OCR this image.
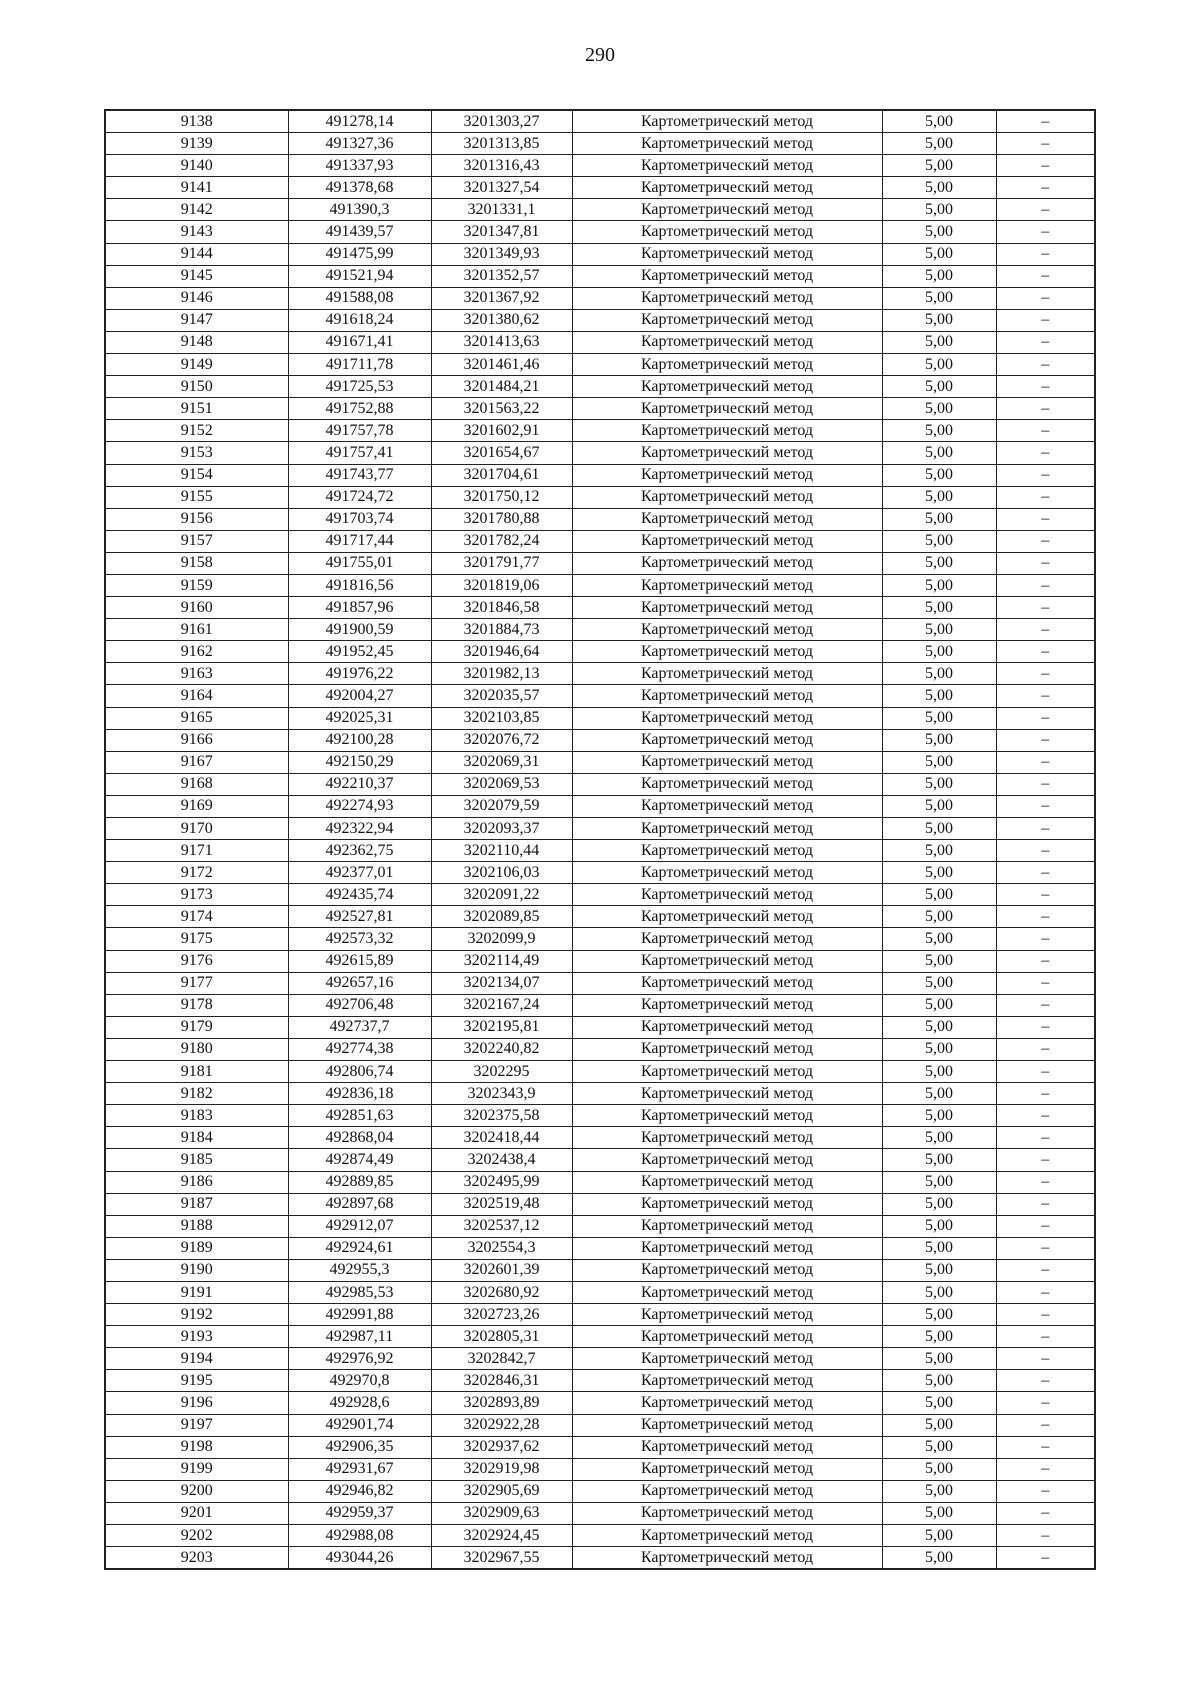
290
9138	491278,14	3201303,27	Картометрический метод	5,00	–
9139	491327,36	3201313,85	Картометрический метод	5,00	–
9140	491337,93	3201316,43	Картометрический метод	5,00	–
9141	491378,68	3201327,54	Картометрический метод	5,00	–
9142	491390,3	3201331,1	Картометрический метод	5,00	–
9143	491439,57	3201347,81	Картометрический метод	5,00	–
9144	491475,99	3201349,93	Картометрический метод	5,00	–
9145	491521,94	3201352,57	Картометрический метод	5,00	–
9146	491588,08	3201367,92	Картометрический метод	5,00	–
9147	491618,24	3201380,62	Картометрический метод	5,00	–
9148	491671,41	3201413,63	Картометрический метод	5,00	–
9149	491711,78	3201461,46	Картометрический метод	5,00	–
9150	491725,53	3201484,21	Картометрический метод	5,00	–
9151	491752,88	3201563,22	Картометрический метод	5,00	–
9152	491757,78	3201602,91	Картометрический метод	5,00	–
9153	491757,41	3201654,67	Картометрический метод	5,00	–
9154	491743,77	3201704,61	Картометрический метод	5,00	–
9155	491724,72	3201750,12	Картометрический метод	5,00	–
9156	491703,74	3201780,88	Картометрический метод	5,00	–
9157	491717,44	3201782,24	Картометрический метод	5,00	–
9158	491755,01	3201791,77	Картометрический метод	5,00	–
9159	491816,56	3201819,06	Картометрический метод	5,00	–
9160	491857,96	3201846,58	Картометрический метод	5,00	–
9161	491900,59	3201884,73	Картометрический метод	5,00	–
9162	491952,45	3201946,64	Картометрический метод	5,00	–
9163	491976,22	3201982,13	Картометрический метод	5,00	–
9164	492004,27	3202035,57	Картометрический метод	5,00	–
9165	492025,31	3202103,85	Картометрический метод	5,00	–
9166	492100,28	3202076,72	Картометрический метод	5,00	–
9167	492150,29	3202069,31	Картометрический метод	5,00	–
9168	492210,37	3202069,53	Картометрический метод	5,00	–
9169	492274,93	3202079,59	Картометрический метод	5,00	–
9170	492322,94	3202093,37	Картометрический метод	5,00	–
9171	492362,75	3202110,44	Картометрический метод	5,00	–
9172	492377,01	3202106,03	Картометрический метод	5,00	–
9173	492435,74	3202091,22	Картометрический метод	5,00	–
9174	492527,81	3202089,85	Картометрический метод	5,00	–
9175	492573,32	3202099,9	Картометрический метод	5,00	–
9176	492615,89	3202114,49	Картометрический метод	5,00	–
9177	492657,16	3202134,07	Картометрический метод	5,00	–
9178	492706,48	3202167,24	Картометрический метод	5,00	–
9179	492737,7	3202195,81	Картометрический метод	5,00	–
9180	492774,38	3202240,82	Картометрический метод	5,00	–
9181	492806,74	3202295	Картометрический метод	5,00	–
9182	492836,18	3202343,9	Картометрический метод	5,00	–
9183	492851,63	3202375,58	Картометрический метод	5,00	–
9184	492868,04	3202418,44	Картометрический метод	5,00	–
9185	492874,49	3202438,4	Картометрический метод	5,00	–
9186	492889,85	3202495,99	Картометрический метод	5,00	–
9187	492897,68	3202519,48	Картометрический метод	5,00	–
9188	492912,07	3202537,12	Картометрический метод	5,00	–
9189	492924,61	3202554,3	Картометрический метод	5,00	–
9190	492955,3	3202601,39	Картометрический метод	5,00	–
9191	492985,53	3202680,92	Картометрический метод	5,00	–
9192	492991,88	3202723,26	Картометрический метод	5,00	–
9193	492987,11	3202805,31	Картометрический метод	5,00	–
9194	492976,92	3202842,7	Картометрический метод	5,00	–
9195	492970,8	3202846,31	Картометрический метод	5,00	–
9196	492928,6	3202893,89	Картометрический метод	5,00	–
9197	492901,74	3202922,28	Картометрический метод	5,00	–
9198	492906,35	3202937,62	Картометрический метод	5,00	–
9199	492931,67	3202919,98	Картометрический метод	5,00	–
9200	492946,82	3202905,69	Картометрический метод	5,00	–
9201	492959,37	3202909,63	Картометрический метод	5,00	–
9202	492988,08	3202924,45	Картометрический метод	5,00	–
9203	493044,26	3202967,55	Картометрический метод	5,00	–
